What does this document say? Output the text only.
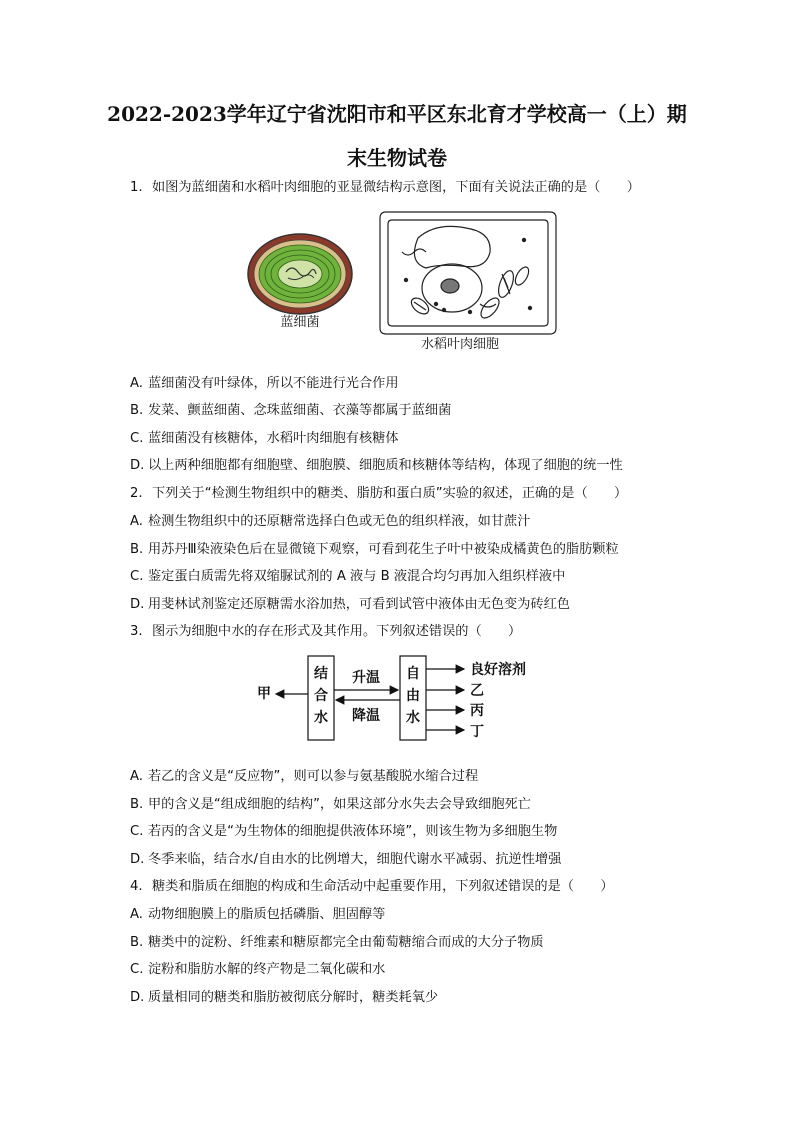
2022-2023学年辽宁省沈阳市和平区东北育才学校高一（上）期
末生物试卷
1. 如图为蓝细菌和水稻叶肉细胞的亚显微结构示意图，下面有关说法正确的是（　　）
蓝细菌
水稻叶肉细胞
A. 蓝细菌没有叶绿体，所以不能进行光合作用
B. 发菜、颤蓝细菌、念珠蓝细菌、衣藻等都属于蓝细菌
C. 蓝细菌没有核糖体，水稻叶肉细胞有核糖体
D. 以上两种细胞都有细胞壁、细胞膜、细胞质和核糖体等结构，体现了细胞的统一性
2. 下列关于“检测生物组织中的糖类、脂肪和蛋白质”实验的叙述，正确的是（　　）
A. 检测生物组织中的还原糖常选择白色或无色的组织样液，如甘蔗汁
B. 用苏丹Ⅲ染液染色后在显微镜下观察，可看到花生子叶中被染成橘黄色的脂肪颗粒
C. 鉴定蛋白质需先将双缩脲试剂的 A 液与 B 液混合均匀再加入组织样液中
D. 用斐林试剂鉴定还原糖需水浴加热，可看到试管中液体由无色变为砖红色
3. 图示为细胞中水的存在形式及其作用。下列叙述错误的（　　）
结
合
水
自
由
水
升温
降温
甲
良好溶剂
乙
丙
丁
A. 若乙的含义是“反应物”，则可以参与氨基酸脱水缩合过程
B. 甲的含义是“组成细胞的结构”，如果这部分水失去会导致细胞死亡
C. 若丙的含义是“为生物体的细胞提供液体环境”，则该生物为多细胞生物
D. 冬季来临，结合水/自由水的比例增大，细胞代谢水平减弱、抗逆性增强
4. 糖类和脂质在细胞的构成和生命活动中起重要作用，下列叙述错误的是（　　）
A. 动物细胞膜上的脂质包括磷脂、胆固醇等
B. 糖类中的淀粉、纤维素和糖原都完全由葡萄糖缩合而成的大分子物质
C. 淀粉和脂肪水解的终产物是二氧化碳和水
D. 质量相同的糖类和脂肪被彻底分解时，糖类耗氧少
